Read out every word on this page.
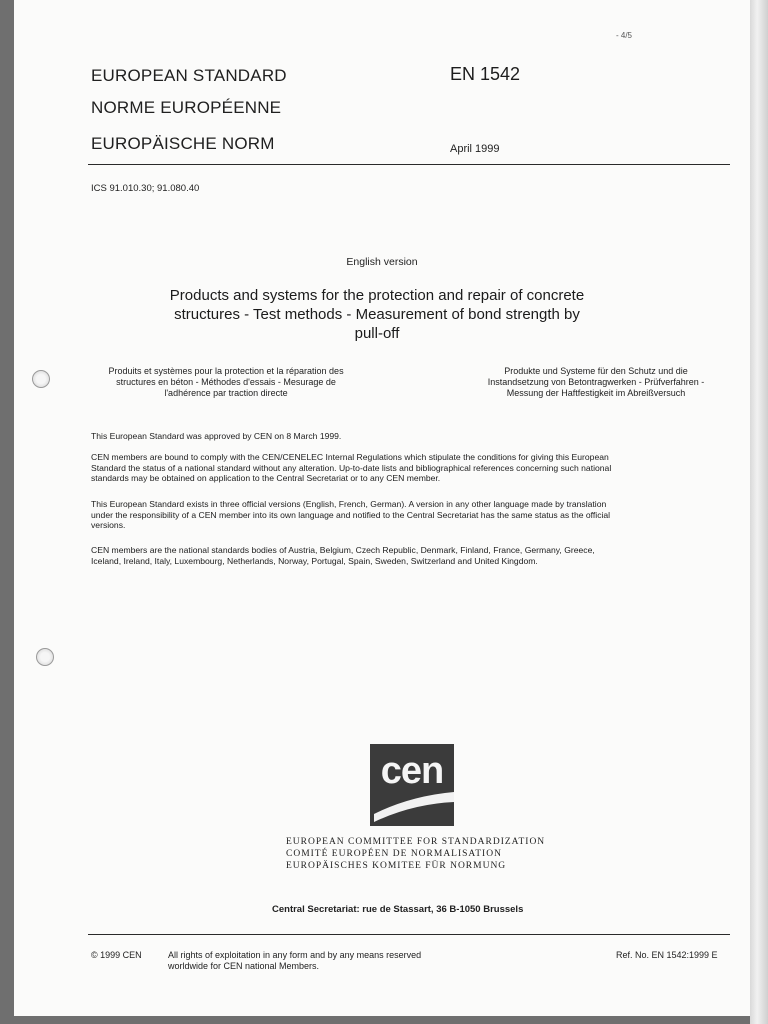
- 4/5
EUROPEAN STANDARD
NORME EUROPÉENNE
EUROPÄISCHE NORM
EN 1542
April 1999
ICS 91.010.30; 91.080.40
English version
Products and systems for the protection and repair of concrete
structures - Test methods - Measurement of bond strength by
pull-off
Produits et systèmes pour la protection et la réparation des
structures en béton - Méthodes d'essais - Mesurage de
l'adhérence par traction directe
Produkte und Systeme für den Schutz und die
Instandsetzung von Betontragwerken - Prüfverfahren -
Messung der Haftfestigkeit im Abreißversuch
This European Standard was approved by CEN on 8 March 1999.
CEN members are bound to comply with the CEN/CENELEC Internal Regulations which stipulate the conditions for giving this European
Standard the status of a national standard without any alteration. Up-to-date lists and bibliographical references concerning such national
standards may be obtained on application to the Central Secretariat or to any CEN member.
This European Standard exists in three official versions (English, French, German). A version in any other language made by translation
under the responsibility of a CEN member into its own language and notified to the Central Secretariat has the same status as the official
versions.
CEN members are the national standards bodies of Austria, Belgium, Czech Republic, Denmark, Finland, France, Germany, Greece,
Iceland, Ireland, Italy, Luxembourg, Netherlands, Norway, Portugal, Spain, Sweden, Switzerland and United Kingdom.
cen
EUROPEAN COMMITTEE FOR STANDARDIZATION
COMITÉ EUROPÉEN DE NORMALISATION
EUROPÄISCHES KOMITEE FÜR NORMUNG
Central Secretariat: rue de Stassart, 36 B-1050 Brussels
© 1999 CEN	All rights of exploitation in any form and by any means reserved
worldwide for CEN national Members.
Ref. No. EN 1542:1999 E
